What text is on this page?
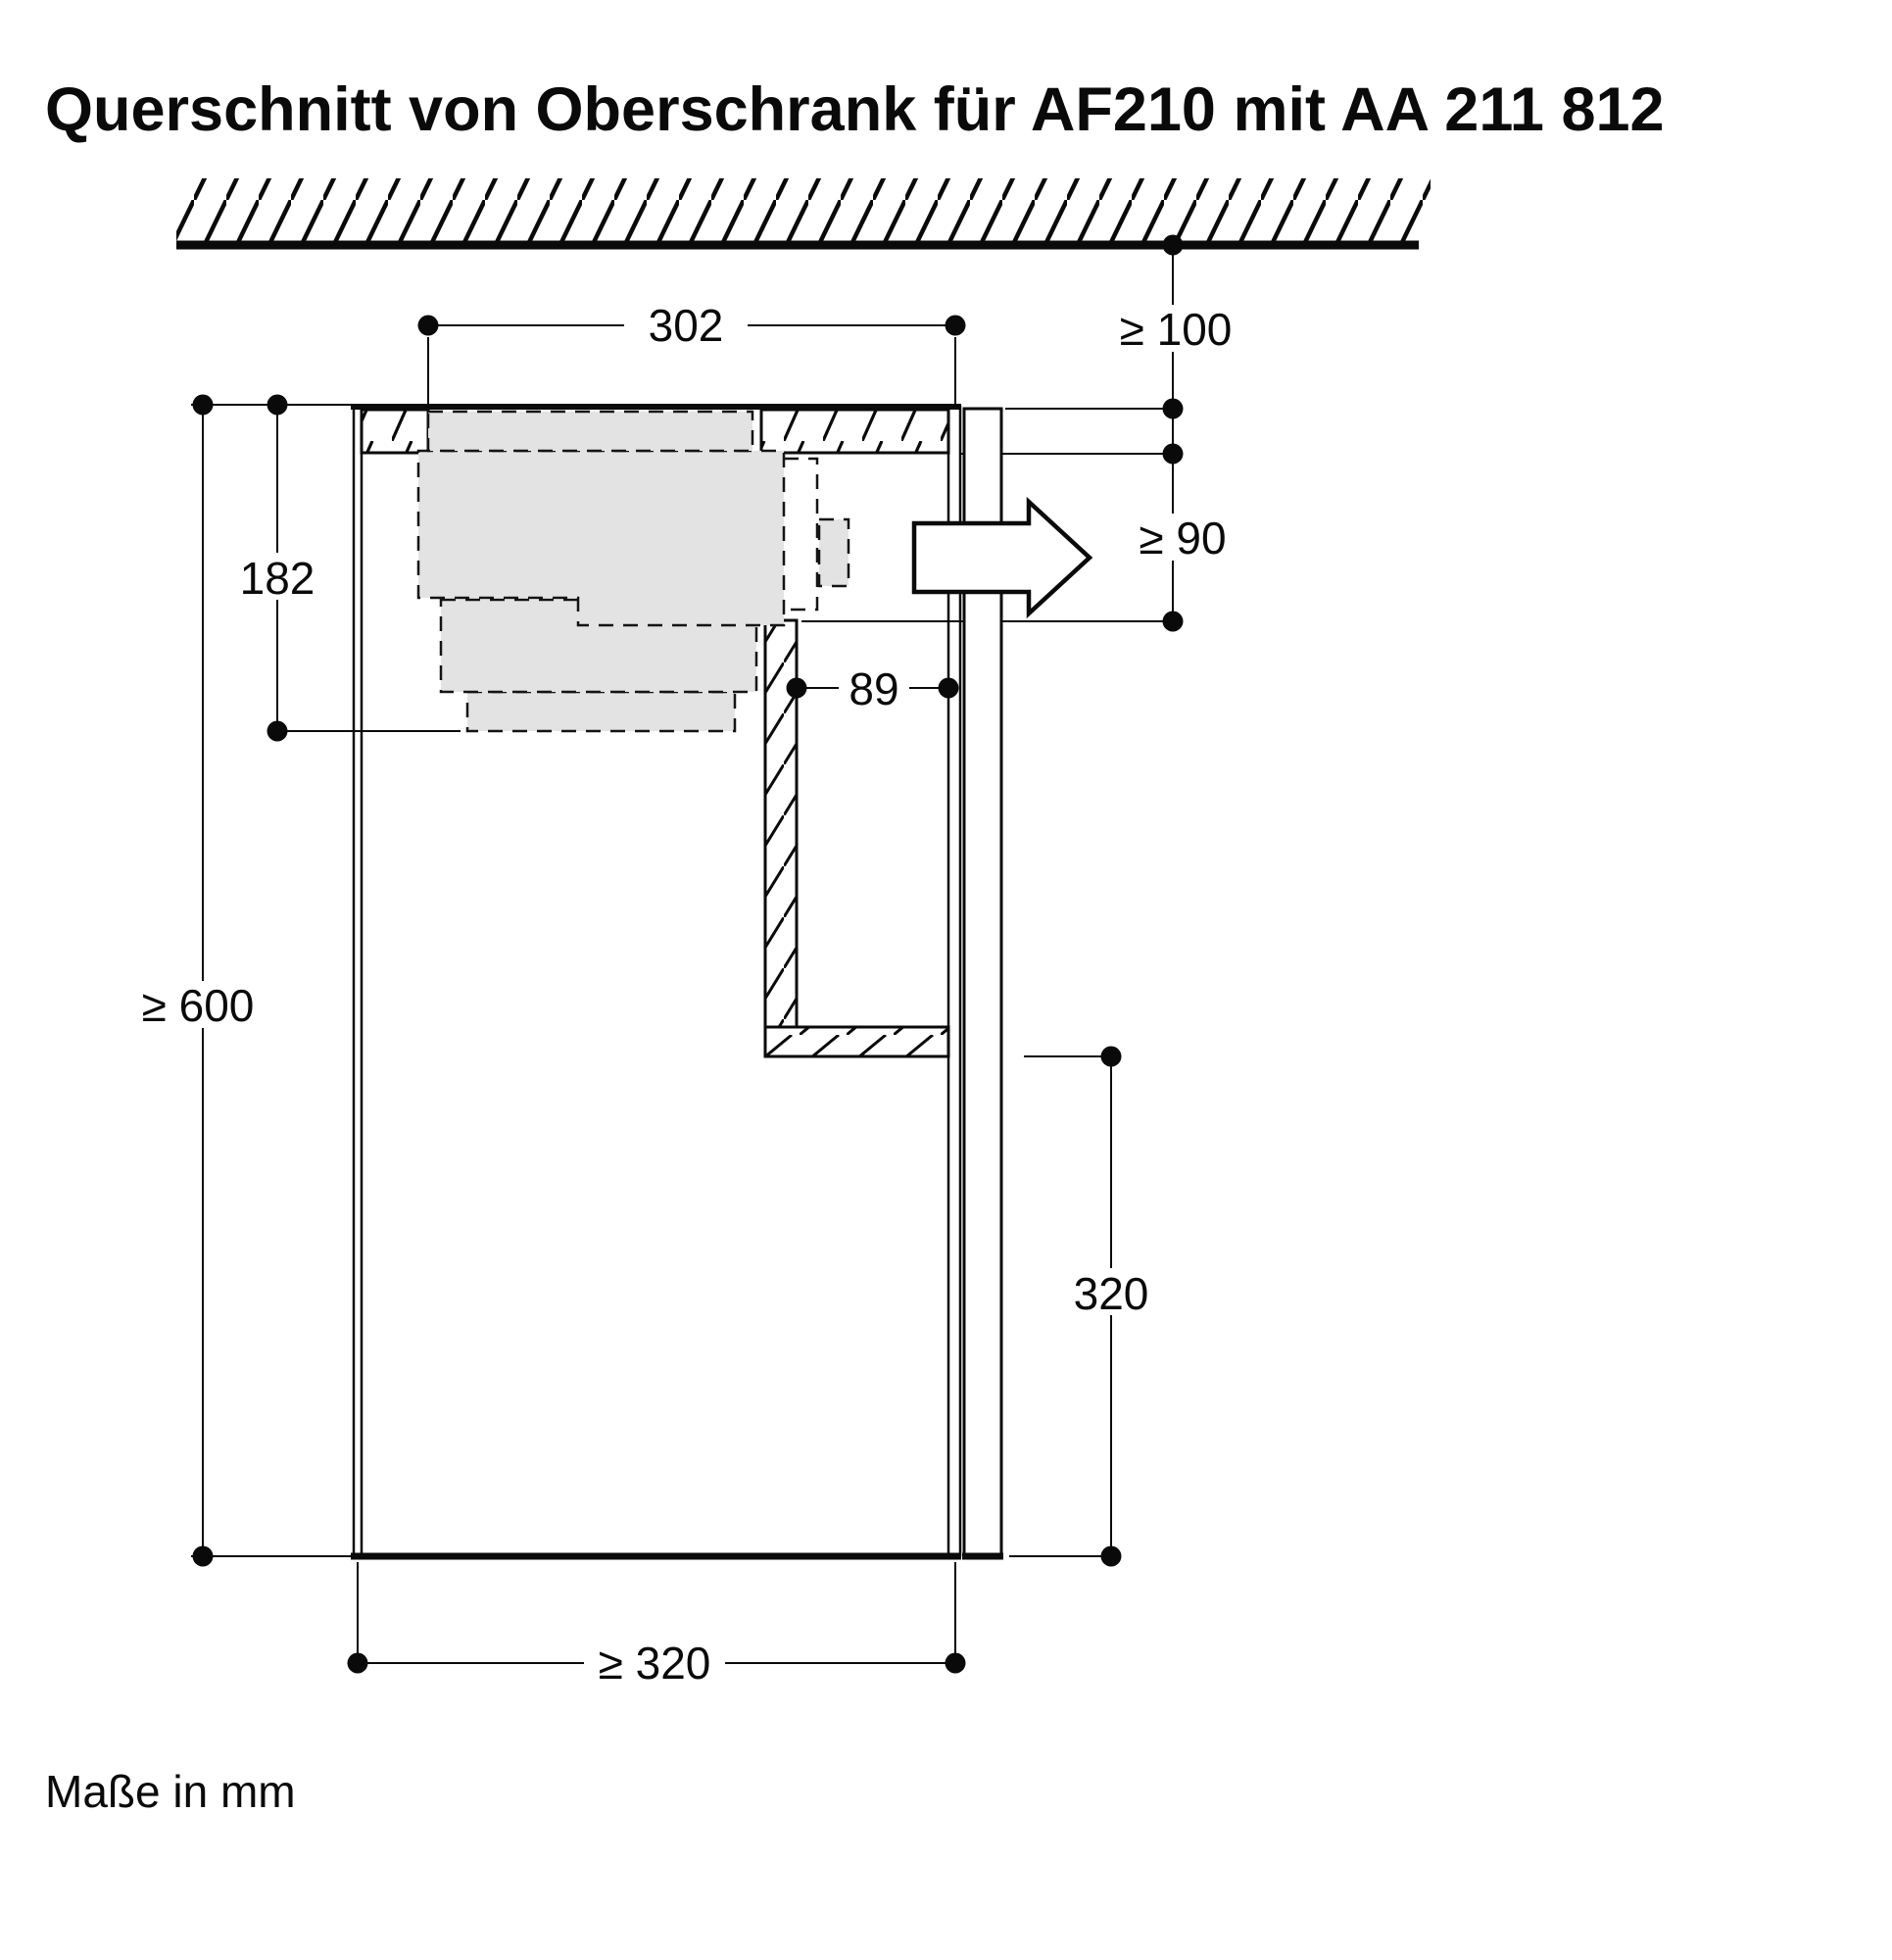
Querschnitt von Oberschrank für AF210 mit AA 211 812
302	≥ 100
≥ 90
182
≥ 600
89
320
≥ 320
Maße in mm
